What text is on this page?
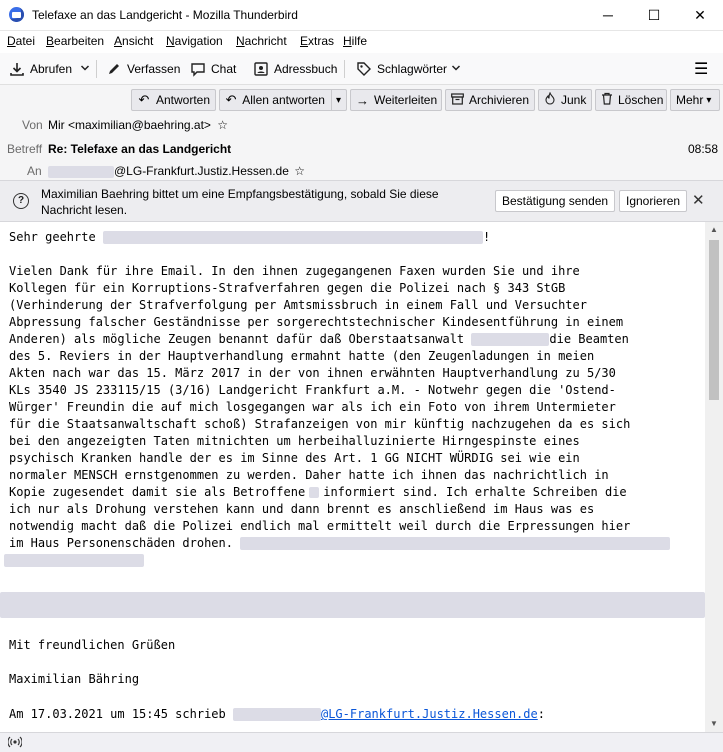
Telefaxe an das Landgericht - Mozilla Thunderbird	─	☐	✕
Datei Bearbeiten Ansicht Navigation Nachricht Extras Hilfe
Abrufen	Verfassen	Chat	Adressbuch	Schlagwörter	☰
↶ Antworten ↶ Allen antworten	▾ → Weiterleiten	Archivieren	Junk	Löschen Mehr ▾
Von Mir <maximilian@baehring.at> ☆
Betreff Re: Telefaxe an das Landgericht	08:58
An	@LG-Frankfurt.Justiz.Hessen.de ☆
?	Maximilian Baehring bittet um eine Empfangsbestätigung, sobald Sie diese Nachricht lesen.
Bestätigung senden	Ignorieren ✕
Sehr geehrte	!
Vielen Dank für ihre Email. In den ihnen zugegangenen Faxen wurden Sie und ihre
Kollegen für ein Korruptions-Strafverfahren gegen die Polizei nach § 343 StGB
(Verhinderung der Strafverfolgung per Amtsmissbruch in einem Fall und Versuchter
Abpressung falscher Geständnisse per sorgerechtstechnischer Kindesentführung in einem
Anderen) als mögliche Zeugen benannt dafür daß Oberstaatsanwalt	die Beamten
des 5. Reviers in der Hauptverhandlung ermahnt hatte (den Zeugenladungen in meien
Akten nach war das 15. März 2017 in der von ihnen erwähnten Hauptverhandlung zu 5/30
KLs 3540 JS 233115/15 (3/16) Landgericht Frankfurt a.M. - Notwehr gegen die 'Ostend-
Würger' Freundin die auf mich losgegangen war als ich ein Foto von ihrem Untermieter
für die Staatsanwaltschaft schoß) Strafanzeigen von mir künftig nachzugehen da es sich
bei den angezeigten Taten mitnichten um herbeihalluzinierte Hirngespinste eines
psychisch Kranken handle der es im Sinne des Art. 1 GG NICHT WÜRDIG sei wie ein
normaler MENSCH ernstgenommen zu werden. Daher hatte ich ihnen das nachrichtlich in
Kopie zugesendet damit sie als Betroffene informiert sind. Ich erhalte Schreiben die
ich nur als Drohung verstehen kann und dann brennt es anschließend im Haus was es
notwendig macht daß die Polizei endlich mal ermittelt weil durch die Erpressungen hier
im Haus Personenschäden drohen.
Mit freundlichen Grüßen
Maximilian Bähring
Am 17.03.2021 um 15:45 schrieb	@LG-Frankfurt.Justiz.Hessen.de:
▲
▼
